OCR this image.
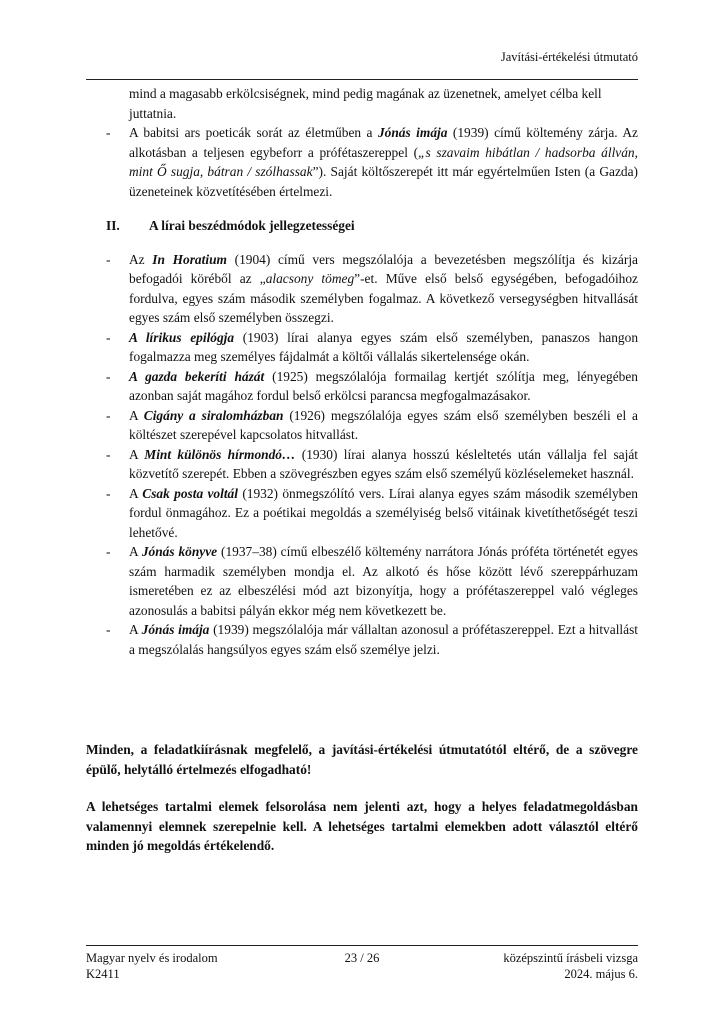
Javítási-értékelési útmutató
mind a magasabb erkölcsiségnek, mind pedig magának az üzenetnek, amelyet célba kell
juttatnia.
- A babitsi ars poeticák sorát az életműben a Jónás imája (1939) című költemény zárja. Az alkotásban a teljesen egybeforr a prófétaszereppel („s szavaim hibátlan / hadsorba állván, mint Ő sugja, bátran / szólhassak”). Saját költőszerepét itt már egyértelműen Isten (a Gazda) üzeneteinek közvetítésében értelmezi.
II. A lírai beszédmódok jellegzetességei
- Az In Horatium (1904) című vers megszólalója a bevezetésben megszólítja és kizárja befogadói köréből az „alacsony tömeg”-et. Műve első belső egységében, befogadóihoz fordulva, egyes szám második személyben fogalmaz. A következő versegységben hitvallását egyes szám első személyben összegzi.
- A lírikus epilógja (1903) lírai alanya egyes szám első személyben, panaszos hangon fogalmazza meg személyes fájdalmát a költői vállalás sikertelensége okán.
- A gazda bekeríti házát (1925) megszólalója formailag kertjét szólítja meg, lényegében azonban saját magához fordul belső erkölcsi parancsa megfogalmazásakor.
- A Cigány a siralomházban (1926) megszólalója egyes szám első személyben beszéli el a költészet szerepével kapcsolatos hitvallást.
- A Mint különös hírmondó… (1930) lírai alanya hosszú késleltetés után vállalja fel saját közvetítő szerepét. Ebben a szövegrészben egyes szám első személyű közléselemeket használ.
- A Csak posta voltál (1932) önmegszólító vers. Lírai alanya egyes szám második személyben fordul önmagához. Ez a poétikai megoldás a személyiség belső vitáinak kivetíthetőségét teszi lehetővé.
- A Jónás könyve (1937–38) című elbeszélő költemény narrátora Jónás próféta történetét egyes szám harmadik személyben mondja el. Az alkotó és hőse között lévő szereppárhuzam ismeretében ez az elbeszélési mód azt bizonyítja, hogy a prófétaszereppel való végleges azonosulás a babitsi pályán ekkor még nem következett be.
- A Jónás imája (1939) megszólalója már vállaltan azonosul a prófétaszereppel. Ezt a hitvallást a megszólalás hangsúlyos egyes szám első személye jelzi.
Minden, a feladatkiírásnak megfelelő, a javítási-értékelési útmutatótól eltérő, de a szövegre épülő, helytálló értelmezés elfogadható!
A lehetséges tartalmi elemek felsorolása nem jelenti azt, hogy a helyes feladatmegoldásban valamennyi elemnek szerepelnie kell. A lehetséges tartalmi elemekben adott választól eltérő minden jó megoldás értékelendő.
Magyar nyelv és irodalom
K2411
23 / 26	középszintű írásbeli vizsga
2024. május 6.
